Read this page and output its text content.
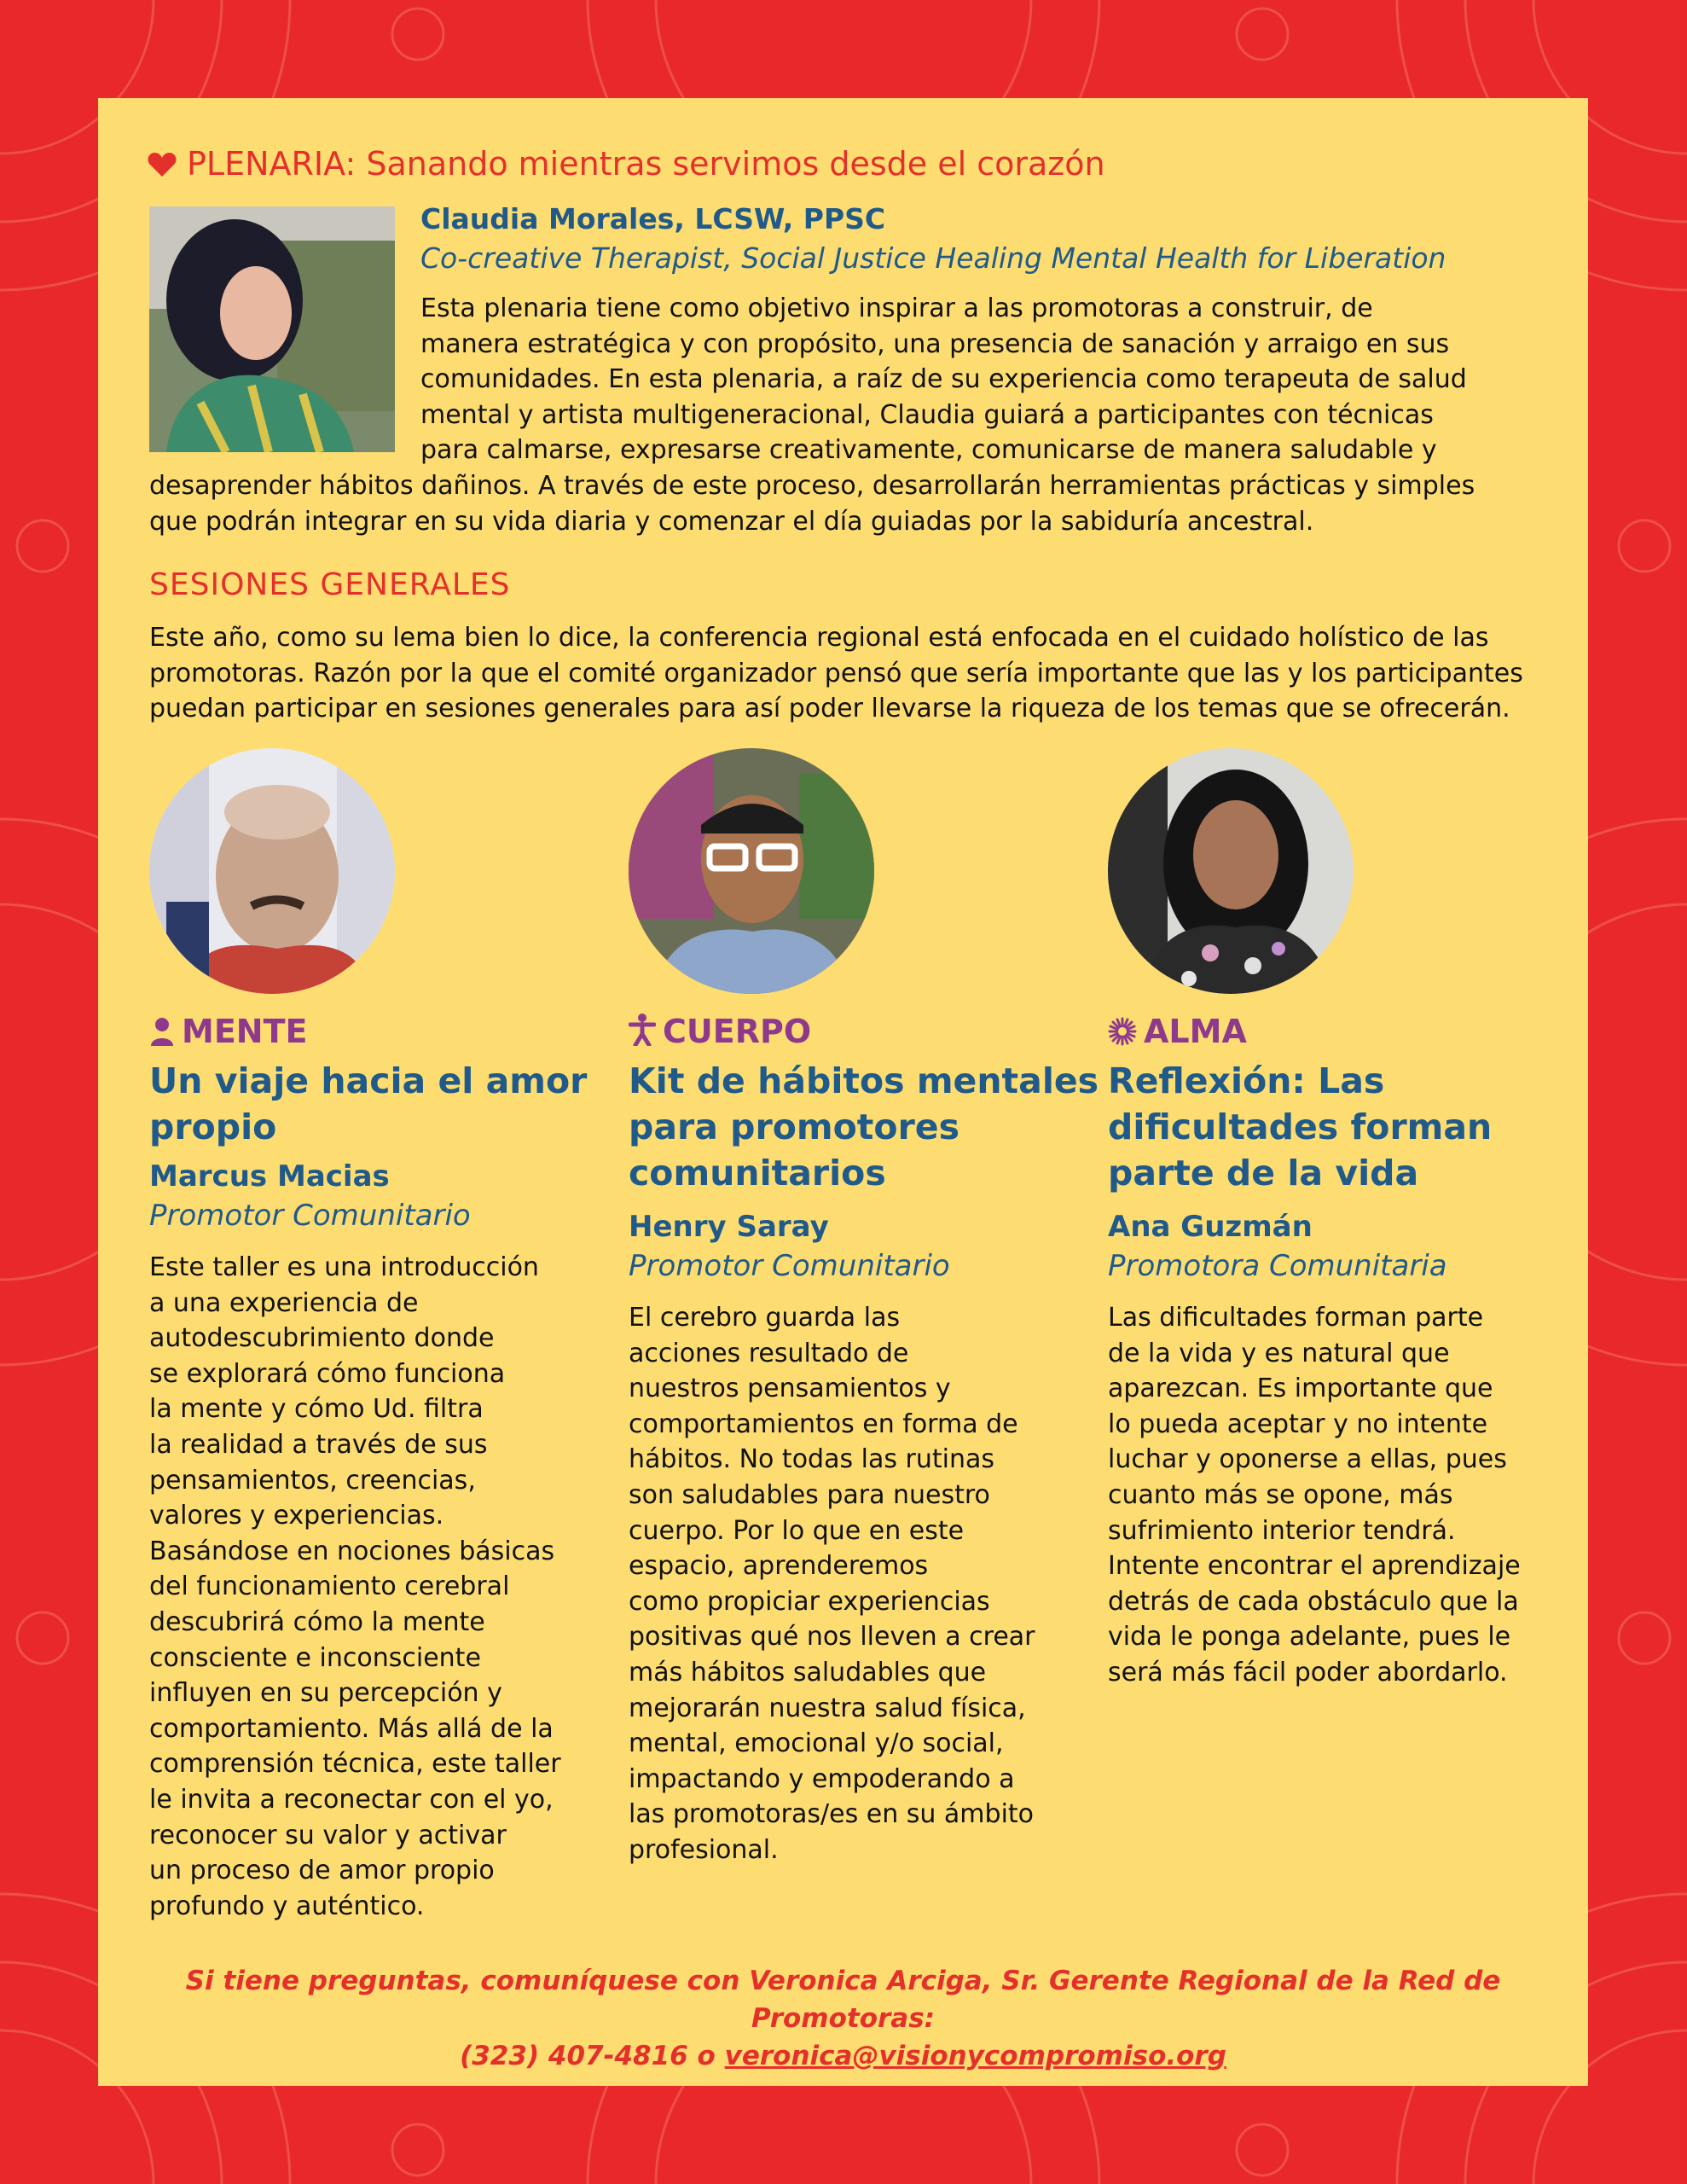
PLENARIA: Sanando mientras servimos desde el corazón
Claudia Morales, LCSW, PPSC
Co-creative Therapist, Social Justice Healing Mental Health for Liberation
Esta plenaria tiene como objetivo inspirar a las promotoras a construir, de
manera estratégica y con propósito, una presencia de sanación y arraigo en sus
comunidades. En esta plenaria, a raíz de su experiencia como terapeuta de salud
mental y artista multigeneracional, Claudia guiará a participantes con técnicas
para calmarse, expresarse creativamente, comunicarse de manera saludable y
desaprender hábitos dañinos. A través de este proceso, desarrollarán herramientas prácticas y simples
que podrán integrar en su vida diaria y comenzar el día guiadas por la sabiduría ancestral.
SESIONES GENERALES
Este año, como su lema bien lo dice, la conferencia regional está enfocada en el cuidado holístico de las
promotoras. Razón por la que el comité organizador pensó que sería importante que las y los participantes
puedan participar en sesiones generales para así poder llevarse la riqueza de los temas que se ofrecerán.
MENTE
Un viaje hacia el amor
propio
Marcus Macias
Promotor Comunitario
Este taller es una introducción
a una experiencia de
autodescubrimiento donde
se explorará cómo funciona
la mente y cómo Ud. filtra
la realidad a través de sus
pensamientos, creencias,
valores y experiencias.
Basándose en nociones básicas
del funcionamiento cerebral
descubrirá cómo la mente
consciente e inconsciente
influyen en su percepción y
comportamiento. Más allá de la
comprensión técnica, este taller
le invita a reconectar con el yo,
reconocer su valor y activar
un proceso de amor propio
profundo y auténtico.
CUERPO
Kit de hábitos mentales
para promotores
comunitarios
Henry Saray
Promotor Comunitario
El cerebro guarda las
acciones resultado de
nuestros pensamientos y
comportamientos en forma de
hábitos. No todas las rutinas
son saludables para nuestro
cuerpo. Por lo que en este
espacio, aprenderemos
como propiciar experiencias
positivas qué nos lleven a crear
más hábitos saludables que
mejorarán nuestra salud física,
mental, emocional y/o social,
impactando y empoderando a
las promotoras/es en su ámbito
profesional.
ALMA
Reflexión: Las
dificultades forman
parte de la vida
Ana Guzmán
Promotora Comunitaria
Las dificultades forman parte
de la vida y es natural que
aparezcan. Es importante que
lo pueda aceptar y no intente
luchar y oponerse a ellas, pues
cuanto más se opone, más
sufrimiento interior tendrá.
Intente encontrar el aprendizaje
detrás de cada obstáculo que la
vida le ponga adelante, pues le
será más fácil poder abordarlo.
Si tiene preguntas, comuníquese con Veronica Arciga, Sr. Gerente Regional de la Red de Promotoras:
(323) 407-4816 o veronica@visionycompromiso.org
